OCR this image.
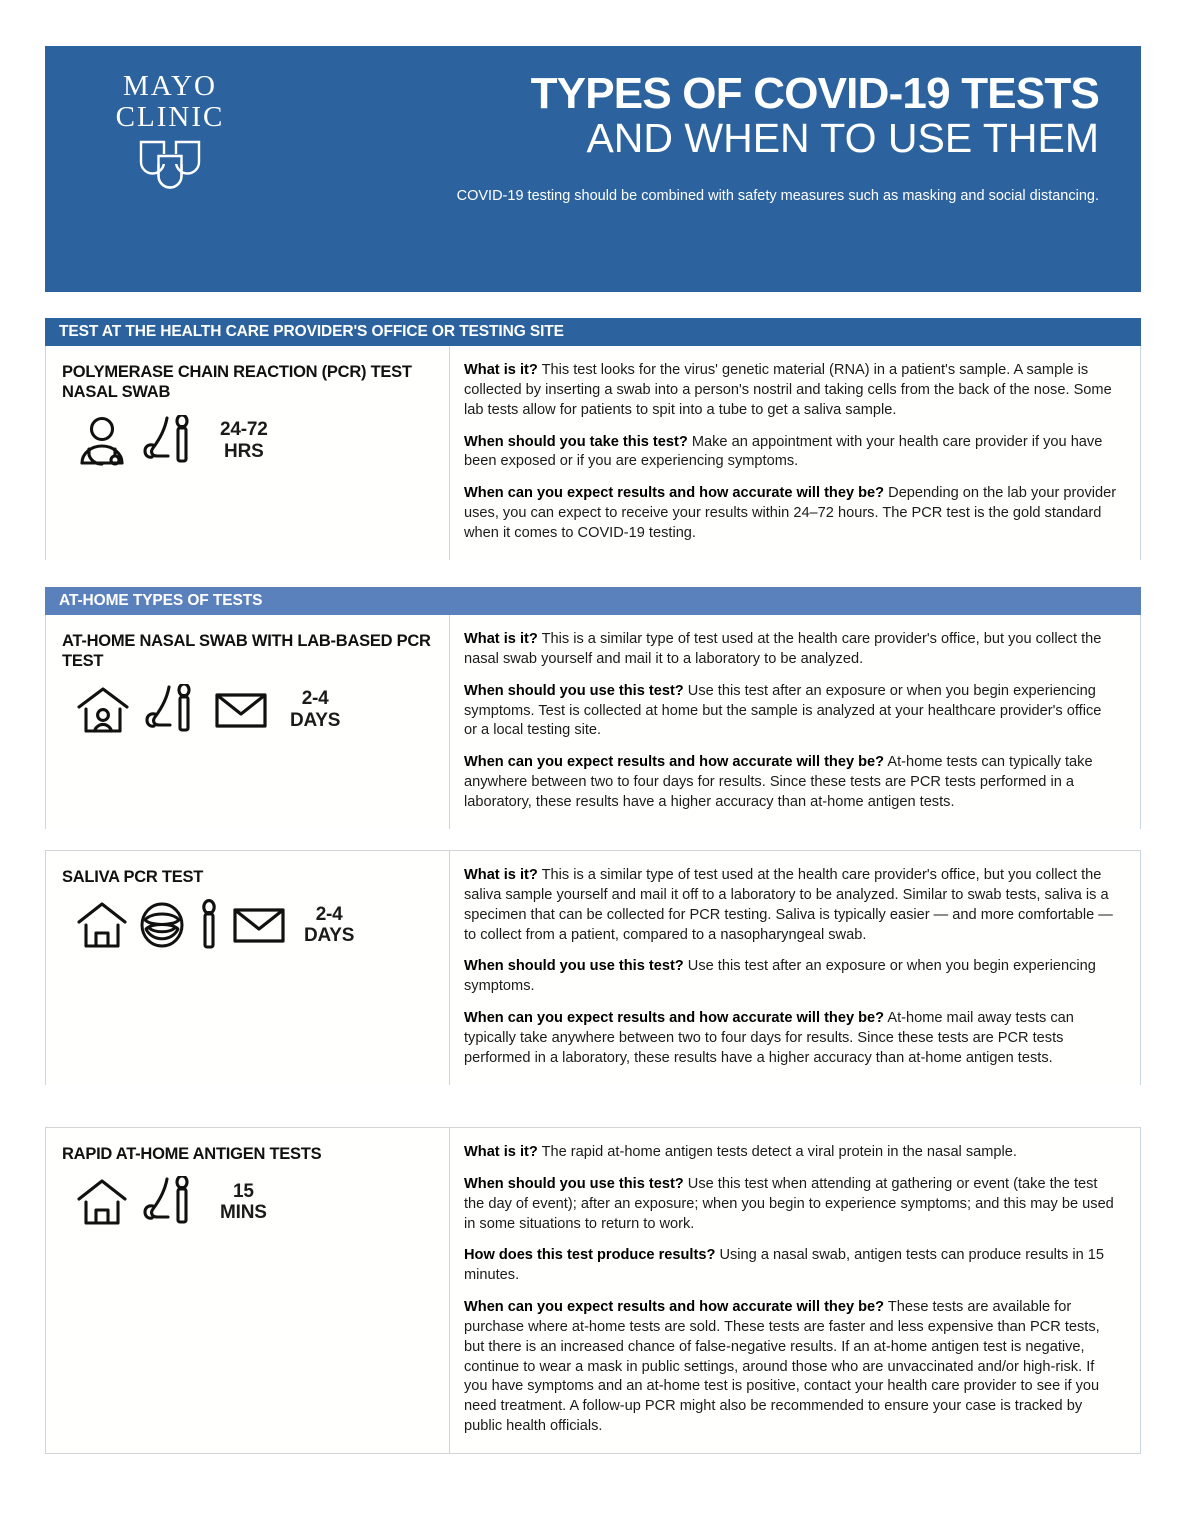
MAYO
CLINIC	TYPES OF COVID-19 TESTS
AND WHEN TO USE THEM
COVID-19 testing should be combined with safety measures such as masking and social distancing.
TEST AT THE HEALTH CARE PROVIDER'S OFFICE OR TESTING SITE
POLYMERASE CHAIN REACTION (PCR) TEST NASAL SWAB
24-72
HRS

What is it? This test looks for the virus' genetic material (RNA) in a patient's sample. A sample is collected by inserting a swab into a person's nostril and taking cells from the back of the nose. Some lab tests allow for patients to spit into a tube to get a saliva sample.

When should you take this test? Make an appointment with your health care provider if you have been exposed or if you are experiencing symptoms.

When can you expect results and how accurate will they be? Depending on the lab your provider uses, you can expect to receive your results within 24–72 hours. The PCR test is the gold standard when it comes to COVID-19 testing.

AT-HOME TYPES OF TESTS
AT-HOME NASAL SWAB WITH LAB-BASED PCR TEST
2-4
DAYS

What is it? This is a similar type of test used at the health care provider's office, but you collect the nasal swab yourself and mail it to a laboratory to be analyzed.

When should you use this test? Use this test after an exposure or when you begin experiencing symptoms. Test is collected at home but the sample is analyzed at your healthcare provider's office or a local testing site.

When can you expect results and how accurate will they be? At-home tests can typically take anywhere between two to four days for results. Since these tests are PCR tests performed in a laboratory, these results have a higher accuracy than at-home antigen tests.

SALIVA PCR TEST
2-4
DAYS

What is it? This is a similar type of test used at the health care provider's office, but you collect the saliva sample yourself and mail it off to a laboratory to be analyzed. Similar to swab tests, saliva is a specimen that can be collected for PCR testing. Saliva is typically easier — and more comfortable — to collect from a patient, compared to a nasopharyngeal swab.

When should you use this test? Use this test after an exposure or when you begin experiencing symptoms.

When can you expect results and how accurate will they be? At-home mail away tests can typically take anywhere between two to four days for results. Since these tests are PCR tests performed in a laboratory, these results have a higher accuracy than at-home antigen tests.

RAPID AT-HOME ANTIGEN TESTS
15
MINS

What is it? The rapid at-home antigen tests detect a viral protein in the nasal sample.

When should you use this test? Use this test when attending at gathering or event (take the test the day of event); after an exposure; when you begin to experience symptoms; and this may be used in some situations to return to work.

How does this test produce results? Using a nasal swab, antigen tests can produce results in 15 minutes.

When can you expect results and how accurate will they be? These tests are available for purchase where at-home tests are sold. These tests are faster and less expensive than PCR tests, but there is an increased chance of false-negative results. If an at-home antigen test is negative, continue to wear a mask in public settings, around those who are unvaccinated and/or high-risk. If you have symptoms and an at-home test is positive, contact your health care provider to see if you need treatment. A follow-up PCR might also be recommended to ensure your case is tracked by public health officials.
